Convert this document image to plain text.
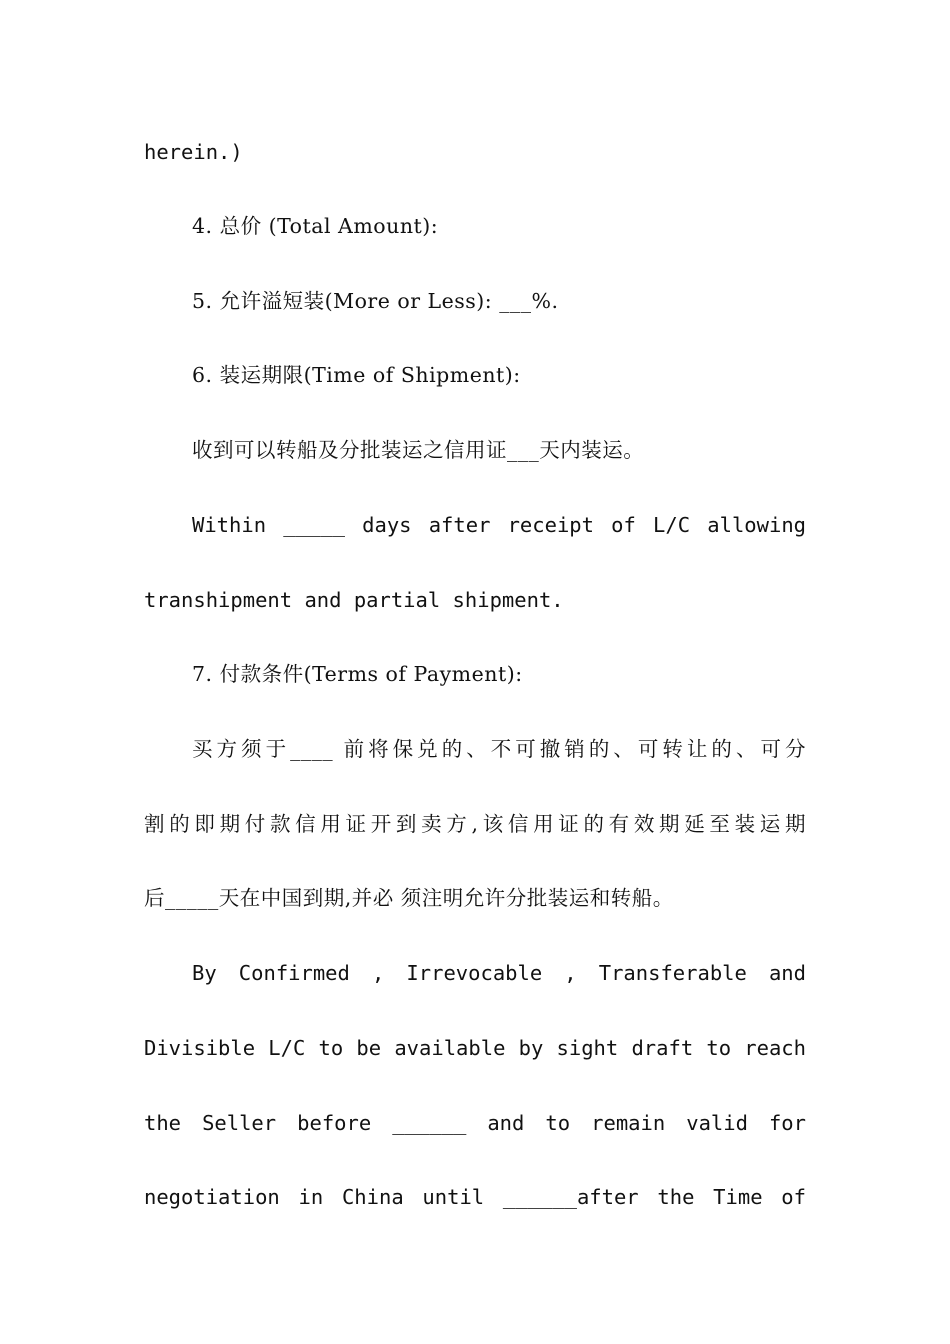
herein.)
4. 总价 (Total Amount):
5. 允许溢短装(More or Less): ___%.
6. 装运期限(Time of Shipment):
收到可以转船及分批装运之信用证___天内装运。
Within _____ days after receipt of L/C allowing
transhipment and partial shipment.
7. 付款条件(Terms of Payment):
买方须于____ 前将保兑的、不可撤销的、可转让的、可分
割的即期付款信用证开到卖方,该信用证的有效期延至装运期
后_____天在中国到期,并必 须注明允许分批装运和转船。
By Confirmed , Irrevocable , Transferable and
Divisible L/C to be available by sight draft to reach
the Seller before ______ and to remain valid for
negotiation in China until ______after the Time of
